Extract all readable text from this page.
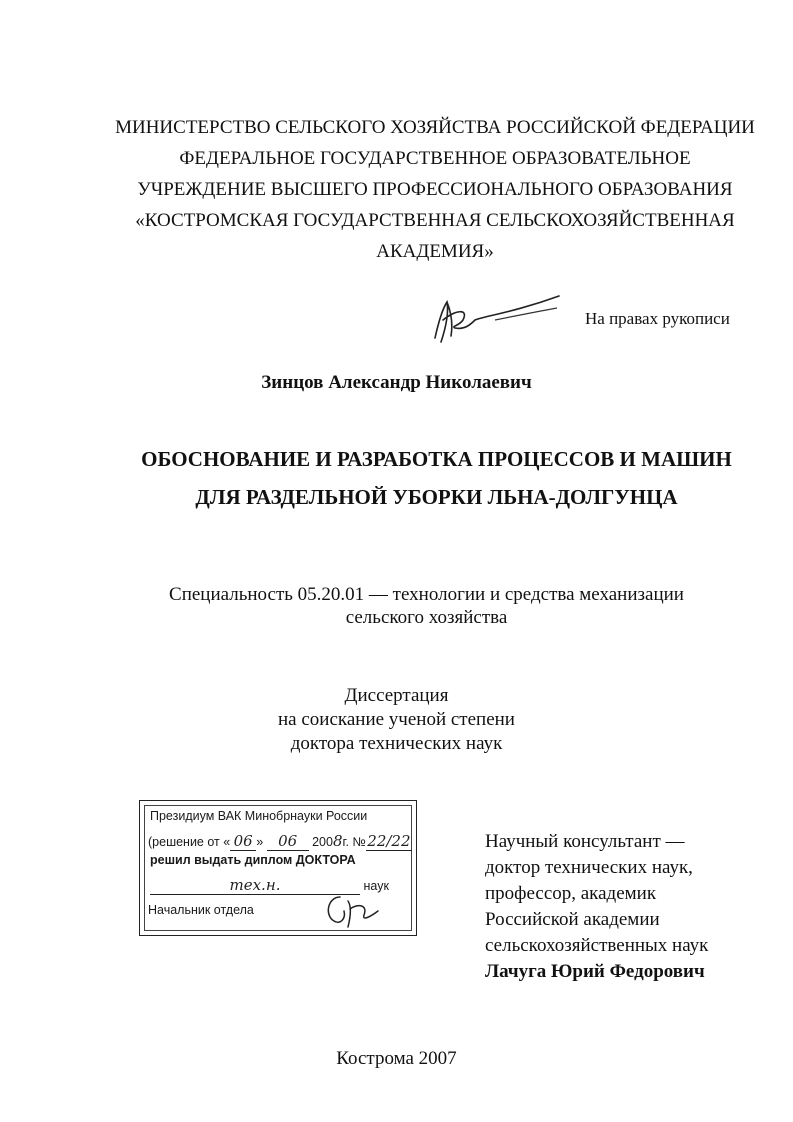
МИНИСТЕРСТВО СЕЛЬСКОГО ХОЗЯЙСТВА РОССИЙСКОЙ ФЕДЕРАЦИИ
ФЕДЕРАЛЬНОЕ ГОСУДАРСТВЕННОЕ ОБРАЗОВАТЕЛЬНОЕ
УЧРЕЖДЕНИЕ ВЫСШЕГО ПРОФЕССИОНАЛЬНОГО ОБРАЗОВАНИЯ
«КОСТРОМСКАЯ ГОСУДАРСТВЕННАЯ СЕЛЬСКОХОЗЯЙСТВЕННАЯ
АКАДЕМИЯ»
На правах рукописи
Зинцов Александр Николаевич
ОБОСНОВАНИЕ И РАЗРАБОТКА ПРОЦЕССОВ И МАШИН
ДЛЯ РАЗДЕЛЬНОЙ УБОРКИ ЛЬНА-ДОЛГУНЦА
Специальность 05.20.01 — технологии и средства механизации
сельского хозяйства
Диссертация
на соискание ученой степени
доктора технических наук
Президиум ВАК Минобрнауки России
(решение от « 06 » 06 2008г. №22/22
решил выдать диплом ДОКТОРА
тех.н.	наук
Начальник отдела
Научный консультант —
доктор технических наук,
профессор, академик
Российской академии
сельскохозяйственных наук
Лачуга Юрий Федорович
Кострома 2007
